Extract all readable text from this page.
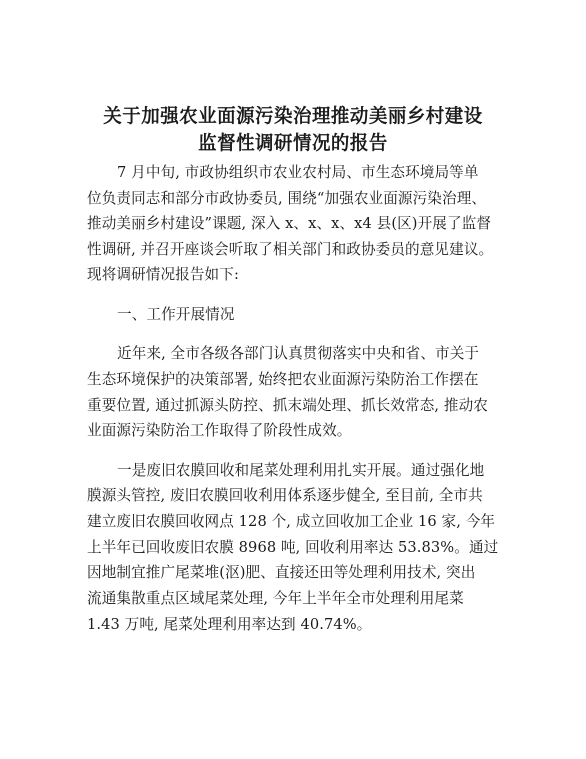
关于加强农业面源污染治理推动美丽乡村建设
监督性调研情况的报告
7 月中旬, 市政协组织市农业农村局、市生态环境局等单
位负责同志和部分市政协委员, 围绕“加强农业面源污染治理、
推动美丽乡村建设”课题, 深入 x、x、x、x4 县(区)开展了监督
性调研, 并召开座谈会听取了相关部门和政协委员的意见建议。
现将调研情况报告如下:
一、工作开展情况
近年来, 全市各级各部门认真贯彻落实中央和省、市关于
生态环境保护的决策部署, 始终把农业面源污染防治工作摆在
重要位置, 通过抓源头防控、抓末端处理、抓长效常态, 推动农
业面源污染防治工作取得了阶段性成效。
一是废旧农膜回收和尾菜处理利用扎实开展。通过强化地
膜源头管控, 废旧农膜回收利用体系逐步健全, 至目前, 全市共
建立废旧农膜回收网点 128 个, 成立回收加工企业 16 家, 今年
上半年已回收废旧农膜 8968 吨, 回收利用率达 53.83%。通过
因地制宜推广尾菜堆(沤)肥、直接还田等处理利用技术, 突出
流通集散重点区域尾菜处理, 今年上半年全市处理利用尾菜
1.43 万吨, 尾菜处理利用率达到 40.74%。
